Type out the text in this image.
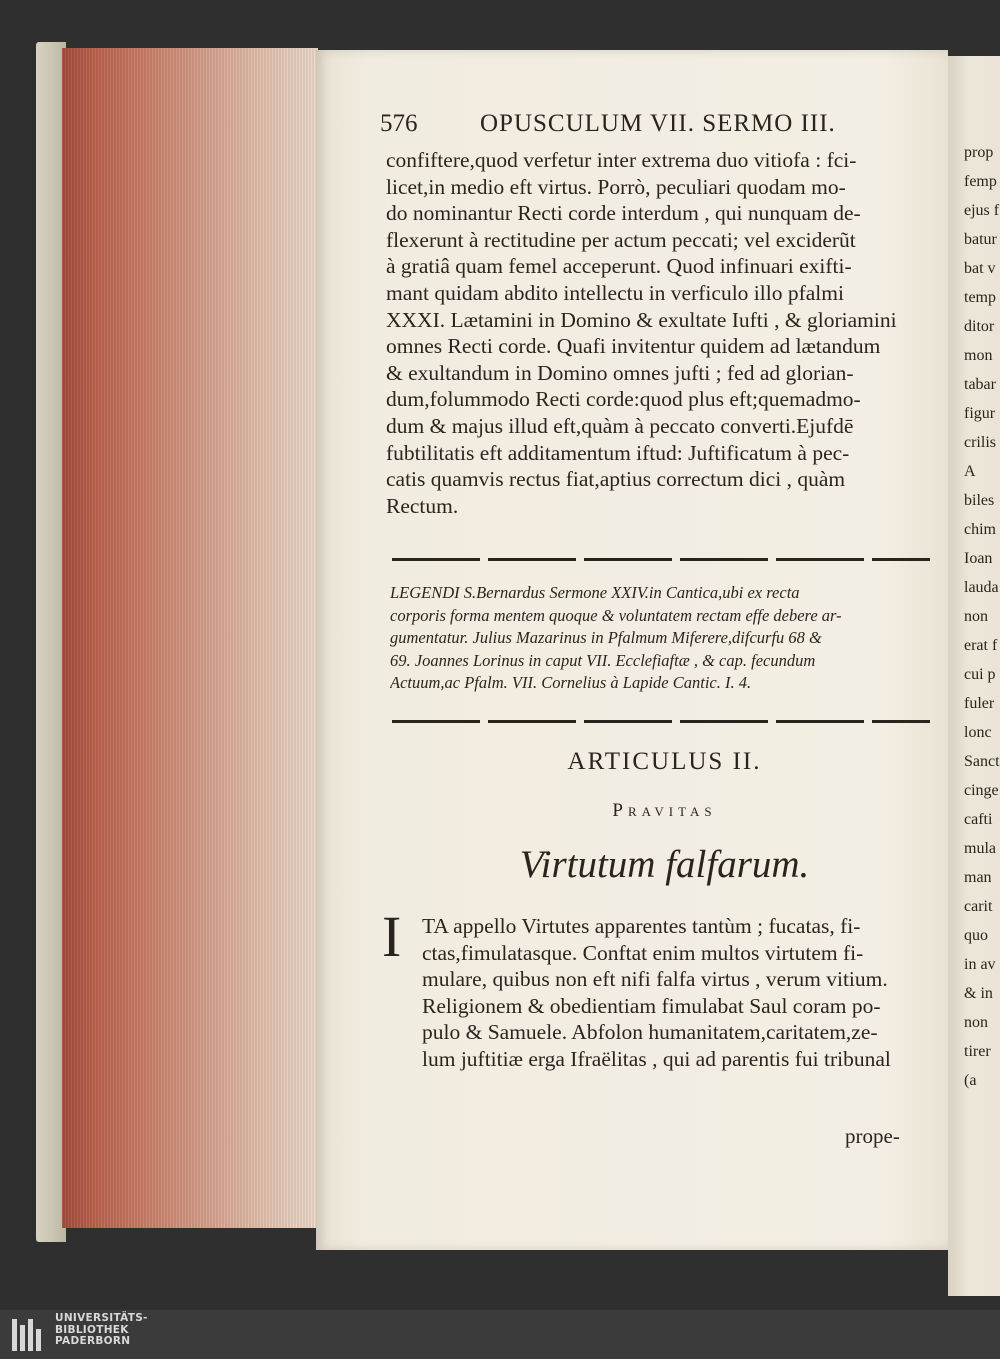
prop
femp
ejus f
batur
bat v
temp
ditor
mon
tabar
figur
crilis
A
biles
chim
Ioan
lauda
non
erat f
cui p
fuler
lonc
Sanct
cinge
cafti
mula
man
carit
quo
in av
& in
non
tirer
(a
576	OPUSCULUM VII. SERMO III.
confiftere,quod verfetur inter extrema duo vitiofa : fci-
licet,in medio eft virtus. Porrò, peculiari quodam mo-
do nominantur Recti corde interdum , qui nunquam de-
flexerunt à rectitudine per actum peccati; vel exciderũt
à gratiâ quam femel acceperunt. Quod infinuari exifti-
mant quidam abdito intellectu in verficulo illo pfalmi
XXXI. Lætamini in Domino & exultate Iufti , & gloriamini
omnes Recti corde. Quafi invitentur quidem ad lætandum
& exultandum in Domino omnes jufti ; fed ad glorian-
dum,folummodo Recti corde:quod plus eft;quemadmo-
dum & majus illud eft,quàm à peccato converti.Ejufdē
fubtilitatis eft additamentum iftud: Juftificatum à pec-
catis quamvis rectus fiat,aptius correctum dici , quàm
Rectum.
LEGENDI S.Bernardus Sermone XXIV.in Cantica,ubi ex recta
corporis forma mentem quoque & voluntatem rectam effe debere ar-
gumentatur. Julius Mazarinus in Pfalmum Miferere,difcurfu 68 &
69. Joannes Lorinus in caput VII. Ecclefiaftæ , & cap. fecundum
Actuum,ac Pfalm. VII. Cornelius à Lapide Cantic. I. 4.
ARTICULUS II.
Pravitas
Virtutum falfarum.
I TA appello Virtutes apparentes tantùm ; fucatas, fi-
ctas,fimulatasque. Conftat enim multos virtutem fi-
mulare, quibus non eft nifi falfa virtus , verum vitium.
Religionem & obedientiam fimulabat Saul coram po-
pulo & Samuele. Abfolon humanitatem,caritatem,ze-
lum juftitiæ erga Ifraëlitas , qui ad parentis fui tribunal
prope-
UNIVERSITÄTS-
BIBLIOTHEK
PADERBORN
